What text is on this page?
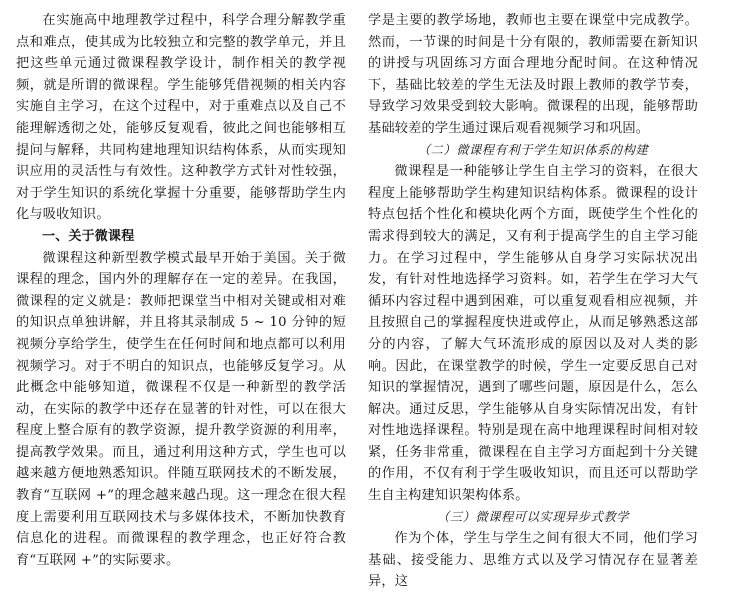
在实施高中地理教学过程中，科学合理分解教学重点和难点，使其成为比较独立和完整的教学单元，并且把这些单元通过微课程教学设计，制作相关的教学视频，就是所谓的微课程。学生能够凭借视频的相关内容实施自主学习，在这个过程中，对于重难点以及自己不能理解透彻之处，能够反复观看，彼此之间也能够相互提问与解释，共同构建地理知识结构体系，从而实现知识应用的灵活性与有效性。这种教学方式针对性较强，对于学生知识的系统化掌握十分重要，能够帮助学生内化与吸收知识。

一、关于微课程

微课程这种新型教学模式最早开始于美国。关于微课程的理念，国内外的理解存在一定的差异。在我国，微课程的定义就是：教师把课堂当中相对关键或相对难的知识点单独讲解，并且将其录制成 5 ~ 10 分钟的短视频分享给学生，使学生在任何时间和地点都可以利用视频学习。对于不明白的知识点，也能够反复学习。从此概念中能够知道，微课程不仅是一种新型的教学活动，在实际的教学中还存在显著的针对性，可以在很大程度上整合原有的教学资源，提升教学资源的利用率，提高教学效果。而且，通过利用这种方式，学生也可以越来越方便地熟悉知识。伴随互联网技术的不断发展，教育“互联网 +”的理念越来越凸现。这一理念在很大程度上需要利用互联网技术与多媒体技术，不断加快教育信息化的进程。而微课程的教学理念，也正好符合教育“互联网 +”的实际要求。

学是主要的教学场地，教师也主要在课堂中完成教学。然而，一节课的时间是十分有限的，教师需要在新知识的讲授与巩固练习方面合理地分配时间。在这种情况下，基础比较差的学生无法及时跟上教师的教学节奏，导致学习效果受到较大影响。微课程的出现，能够帮助基础较差的学生通过课后观看视频学习和巩固。

（二）微课程有利于学生知识体系的构建

微课程是一种能够让学生自主学习的资料，在很大程度上能够帮助学生构建知识结构体系。微课程的设计特点包括个性化和模块化两个方面，既使学生个性化的需求得到较大的满足，又有利于提高学生的自主学习能力。在学习过程中，学生能够从自身学习实际状况出发，有针对性地选择学习资料。如，若学生在学习大气循环内容过程中遇到困难，可以重复观看相应视频，并且按照自己的掌握程度快进或停止，从而足够熟悉这部分的内容，了解大气环流形成的原因以及对人类的影响。因此，在课堂教学的时候，学生一定要反思自己对知识的掌握情况，遇到了哪些问题，原因是什么，怎么解决。通过反思，学生能够从自身实际情况出发，有针对性地选择课程。特别是现在高中地理课程时间相对较紧，任务非常重，微课程在自主学习方面起到十分关键的作用，不仅有利于学生吸收知识，而且还可以帮助学生自主构建知识架构体系。

（三）微课程可以实现异步式教学

作为个体，学生与学生之间有很大不同，他们学习基础、接受能力、思维方式以及学习情况存在显著差异，这
